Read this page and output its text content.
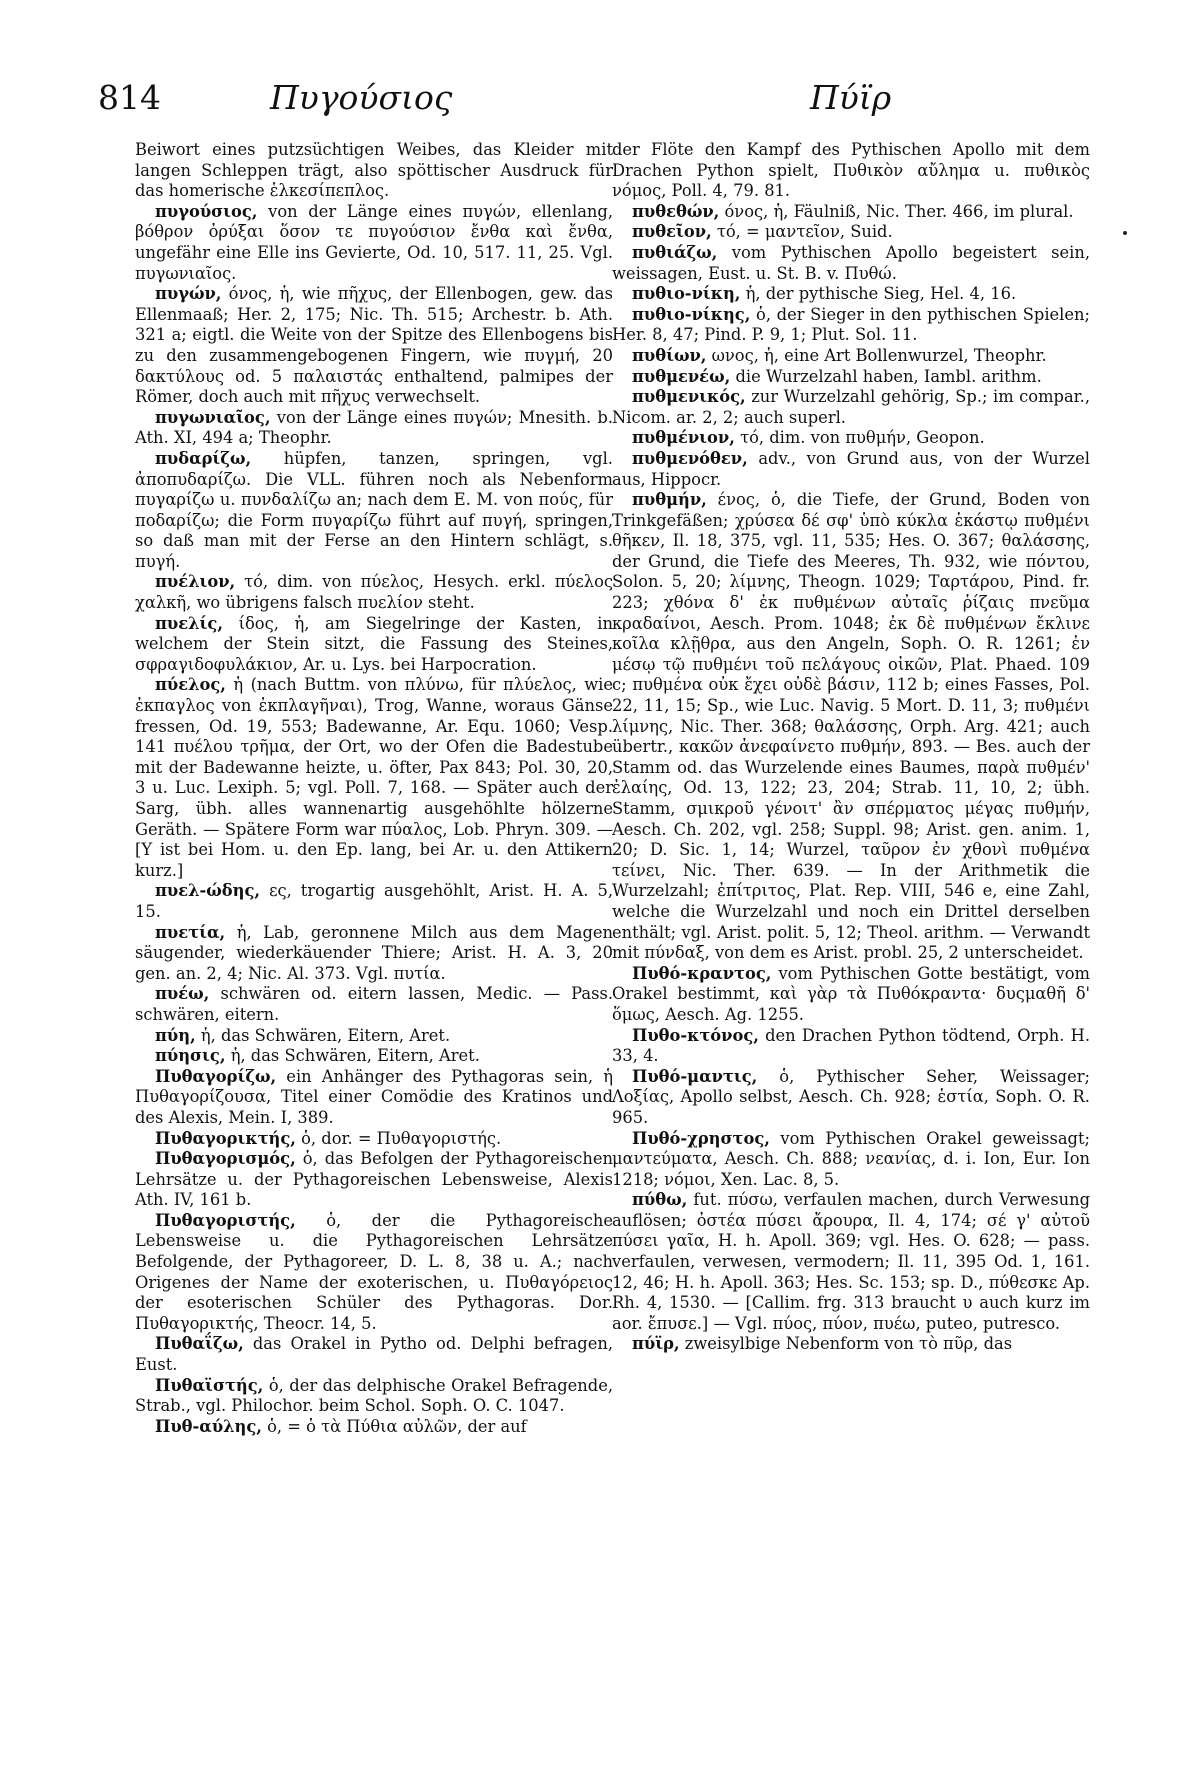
814	Πυγούσιος	Πύϊρ

Beiwort eines putzsüchtigen Weibes, das Kleider mit langen Schleppen trägt, also spöttischer Ausdruck für das homerische ἑλκεσίπεπλος.

πυγούσιος, von der Länge eines πυγών, ellenlang, βόθρον ὀρύξαι ὅσον τε πυγούσιον ἔνθα καὶ ἔνθα, ungefähr eine Elle ins Gevierte, Od. 10, 517. 11, 25. Vgl. πυγωνιαῖος.

πυγών, όνος, ἡ, wie πῆχυς, der Ellenbogen, gew. das Ellenmaaß; Her. 2, 175; Nic. Th. 515; Archestr. b. Ath. 321 a; eigtl. die Weite von der Spitze des Ellenbogens bis zu den zusammengebogenen Fingern, wie πυγμή, 20 δακτύλους od. 5 παλαιστάς enthaltend, palmipes der Römer, doch auch mit πῆχυς verwechselt.

πυγωνιαῖος, von der Länge eines πυγών; Mnesith. b. Ath. XI, 494 a; Theophr.

πυδαρίζω, hüpfen, tanzen, springen, vgl. ἀποπυδαρίζω. Die VLL. führen noch als Nebenform πυγαρίζω u. πυνδαλίζω an; nach dem E. M. von πούς, für ποδαρίζω; die Form πυγαρίζω führt auf πυγή, springen, so daß man mit der Ferse an den Hintern schlägt, s. πυγή.

πυέλιον, τό, dim. von πύελος, Hesych. erkl. πύελος χαλκῆ, wo übrigens falsch πυελίον steht.

πυελίς, ίδος, ἡ, am Siegelringe der Kasten, in welchem der Stein sitzt, die Fassung des Steines, σφραγιδοφυλάκιον, Ar. u. Lys. bei Harpocration.

πύελος, ἡ (nach Buttm. von πλύνω, für πλύελος, wie ἐκπαγλος von ἐκπλαγῆναι), Trog, Wanne, woraus Gänse fressen, Od. 19, 553; Badewanne, Ar. Equ. 1060; Vesp. 141 πυέλου τρῆμα, der Ort, wo der Ofen die Badestube mit der Badewanne heizte, u. öfter, Pax 843; Pol. 30, 20, 3 u. Luc. Lexiph. 5; vgl. Poll. 7, 168. — Später auch der Sarg, übh. alles wannenartig ausgehöhlte hölzerne Geräth. — Spätere Form war πύαλος, Lob. Phryn. 309. — [Y ist bei Hom. u. den Ep. lang, bei Ar. u. den Attikern kurz.]

πυελ-ώδης, ες, trogartig ausgehöhlt, Arist. H. A. 5, 15.

πυετία, ἡ, Lab, geronnene Milch aus dem Magen säugender, wiederkäuender Thiere; Arist. H. A. 3, 20 gen. an. 2, 4; Nic. Al. 373. Vgl. πυτία.

πυέω, schwären od. eitern lassen, Medic. — Pass. schwären, eitern.

πύη, ἡ, das Schwären, Eitern, Aret.

πύησις, ἡ, das Schwären, Eitern, Aret.

Πυθαγορίζω, ein Anhänger des Pythagoras sein, ἡ Πυθαγορίζουσα, Titel einer Comödie des Kratinos und des Alexis, Mein. I, 389.

Πυθαγορικτής, ὁ, dor. = Πυθαγοριστής.

Πυθαγορισμός, ὁ, das Befolgen der Pythagoreischen Lehrsätze u. der Pythagoreischen Lebensweise, Alexis Ath. IV, 161 b.

Πυθαγοριστής, ὁ, der die Pythagoreische Lebensweise u. die Pythagoreischen Lehrsätze Befolgende, der Pythagoreer, D. L. 8, 38 u. A.; nach Origenes der Name der exoterischen, u. Πυθαγόρειος der esoterischen Schüler des Pythagoras. Dor. Πυθαγορικτής, Theocr. 14, 5.

Πυθαΐζω, das Orakel in Pytho od. Delphi befragen, Eust.

Πυθαϊστής, ὁ, der das delphische Orakel Befragende, Strab., vgl. Philochor. beim Schol. Soph. O. C. 1047.

Πυθ-αύλης, ὁ, = ὁ τὰ Πύθια αὐλῶν, der auf

der Flöte den Kampf des Pythischen Apollo mit dem Drachen Python spielt, Πυθικὸν αὔλημα u. πυθικὸς νόμος, Poll. 4, 79. 81.

πυθεθών, όνος, ἡ, Fäulniß, Nic. Ther. 466, im plural.

πυθεῖον, τό, = μαντεῖον, Suid.

πυθιάζω, vom Pythischen Apollo begeistert sein, weissagen, Eust. u. St. B. v. Πυθώ.

πυθιο-νίκη, ἡ, der pythische Sieg, Hel. 4, 16.

πυθιο-νίκης, ὁ, der Sieger in den pythischen Spielen; Her. 8, 47; Pind. P. 9, 1; Plut. Sol. 11.

πυθίων, ωνος, ἡ, eine Art Bollenwurzel, Theophr.

πυθμενέω, die Wurzelzahl haben, Iambl. arithm.

πυθμενικός, zur Wurzelzahl gehörig, Sp.; im compar., Nicom. ar. 2, 2; auch superl.

πυθμένιον, τό, dim. von πυθμήν, Geopon.

πυθμενόθεν, adv., von Grund aus, von der Wurzel aus, Hippocr.

πυθμήν, ένος, ὁ, die Tiefe, der Grund, Boden von Trinkgefäßen; χρύσεα δέ σφ' ὑπὸ κύκλα ἑκάστῳ πυθμένι θῆκεν, Il. 18, 375, vgl. 11, 535; Hes. O. 367; θαλάσσης, der Grund, die Tiefe des Meeres, Th. 932, wie πόντου, Solon. 5, 20; λίμνης, Theogn. 1029; Ταρτάρου, Pind. fr. 223; χθόνα δ' ἐκ πυθμένων αὐταῖς ῥίζαις πνεῦμα κραδαίνοι, Aesch. Prom. 1048; ἐκ δὲ πυθμένων ἔκλινε κοῖλα κλῇθρα, aus den Angeln, Soph. O. R. 1261; ἐν μέσῳ τῷ πυθμένι τοῦ πελάγους οἰκῶν, Plat. Phaed. 109 c; πυθμένα οὐκ ἔχει οὐδὲ βάσιν, 112 b; eines Fasses, Pol. 22, 11, 15; Sp., wie Luc. Navig. 5 Mort. D. 11, 3; πυθμένι λίμνης, Nic. Ther. 368; θαλάσσης, Orph. Arg. 421; auch übertr., κακῶν ἀνεφαίνετο πυθμήν, 893. — Bes. auch der Stamm od. das Wurzelende eines Baumes, παρὰ πυθμέν' ἐλαίης, Od. 13, 122; 23, 204; Strab. 11, 10, 2; übh. Stamm, σμικροῦ γένοιτ' ἂν σπέρματος μέγας πυθμήν, Aesch. Ch. 202, vgl. 258; Suppl. 98; Arist. gen. anim. 1, 20; D. Sic. 1, 14; Wurzel, ταῦρον ἐν χθονὶ πυθμένα τείνει, Nic. Ther. 639. — In der Arithmetik die Wurzelzahl; ἐπίτριτος, Plat. Rep. VIII, 546 e, eine Zahl, welche die Wurzelzahl und noch ein Drittel derselben enthält; vgl. Arist. polit. 5, 12; Theol. arithm. — Verwandt mit πύνδαξ, von dem es Arist. probl. 25, 2 unterscheidet.

Πυθό-κραντος, vom Pythischen Gotte bestätigt, vom Orakel bestimmt, καὶ γὰρ τὰ Πυθόκραντα· δυςμαθῆ δ' ὅμως, Aesch. Ag. 1255.

Πυθο-κτόνος, den Drachen Python tödtend, Orph. H. 33, 4.

Πυθό-μαντις, ὁ, Pythischer Seher, Weissager; Λοξίας, Apollo selbst, Aesch. Ch. 928; ἑστία, Soph. O. R. 965.

Πυθό-χρηστος, vom Pythischen Orakel geweissagt; μαντεύματα, Aesch. Ch. 888; νεανίας, d. i. Ion, Eur. Ion 1218; νόμοι, Xen. Lac. 8, 5.

πύθω, fut. πύσω, verfaulen machen, durch Verwesung auflösen; ὀστέα πύσει ἄρουρα, Il. 4, 174; σέ γ' αὐτοῦ πύσει γαῖα, H. h. Apoll. 369; vgl. Hes. O. 628; — pass. verfaulen, verwesen, vermodern; Il. 11, 395 Od. 1, 161. 12, 46; H. h. Apoll. 363; Hes. Sc. 153; sp. D., πύθεσκε Ap. Rh. 4, 1530. — [Callim. frg. 313 braucht υ auch kurz im aor. ἔπυσε.] — Vgl. πύος, πύον, πυέω, puteo, putresco.

πύϊρ, zweisylbige Nebenform von τὸ πῦρ, das
